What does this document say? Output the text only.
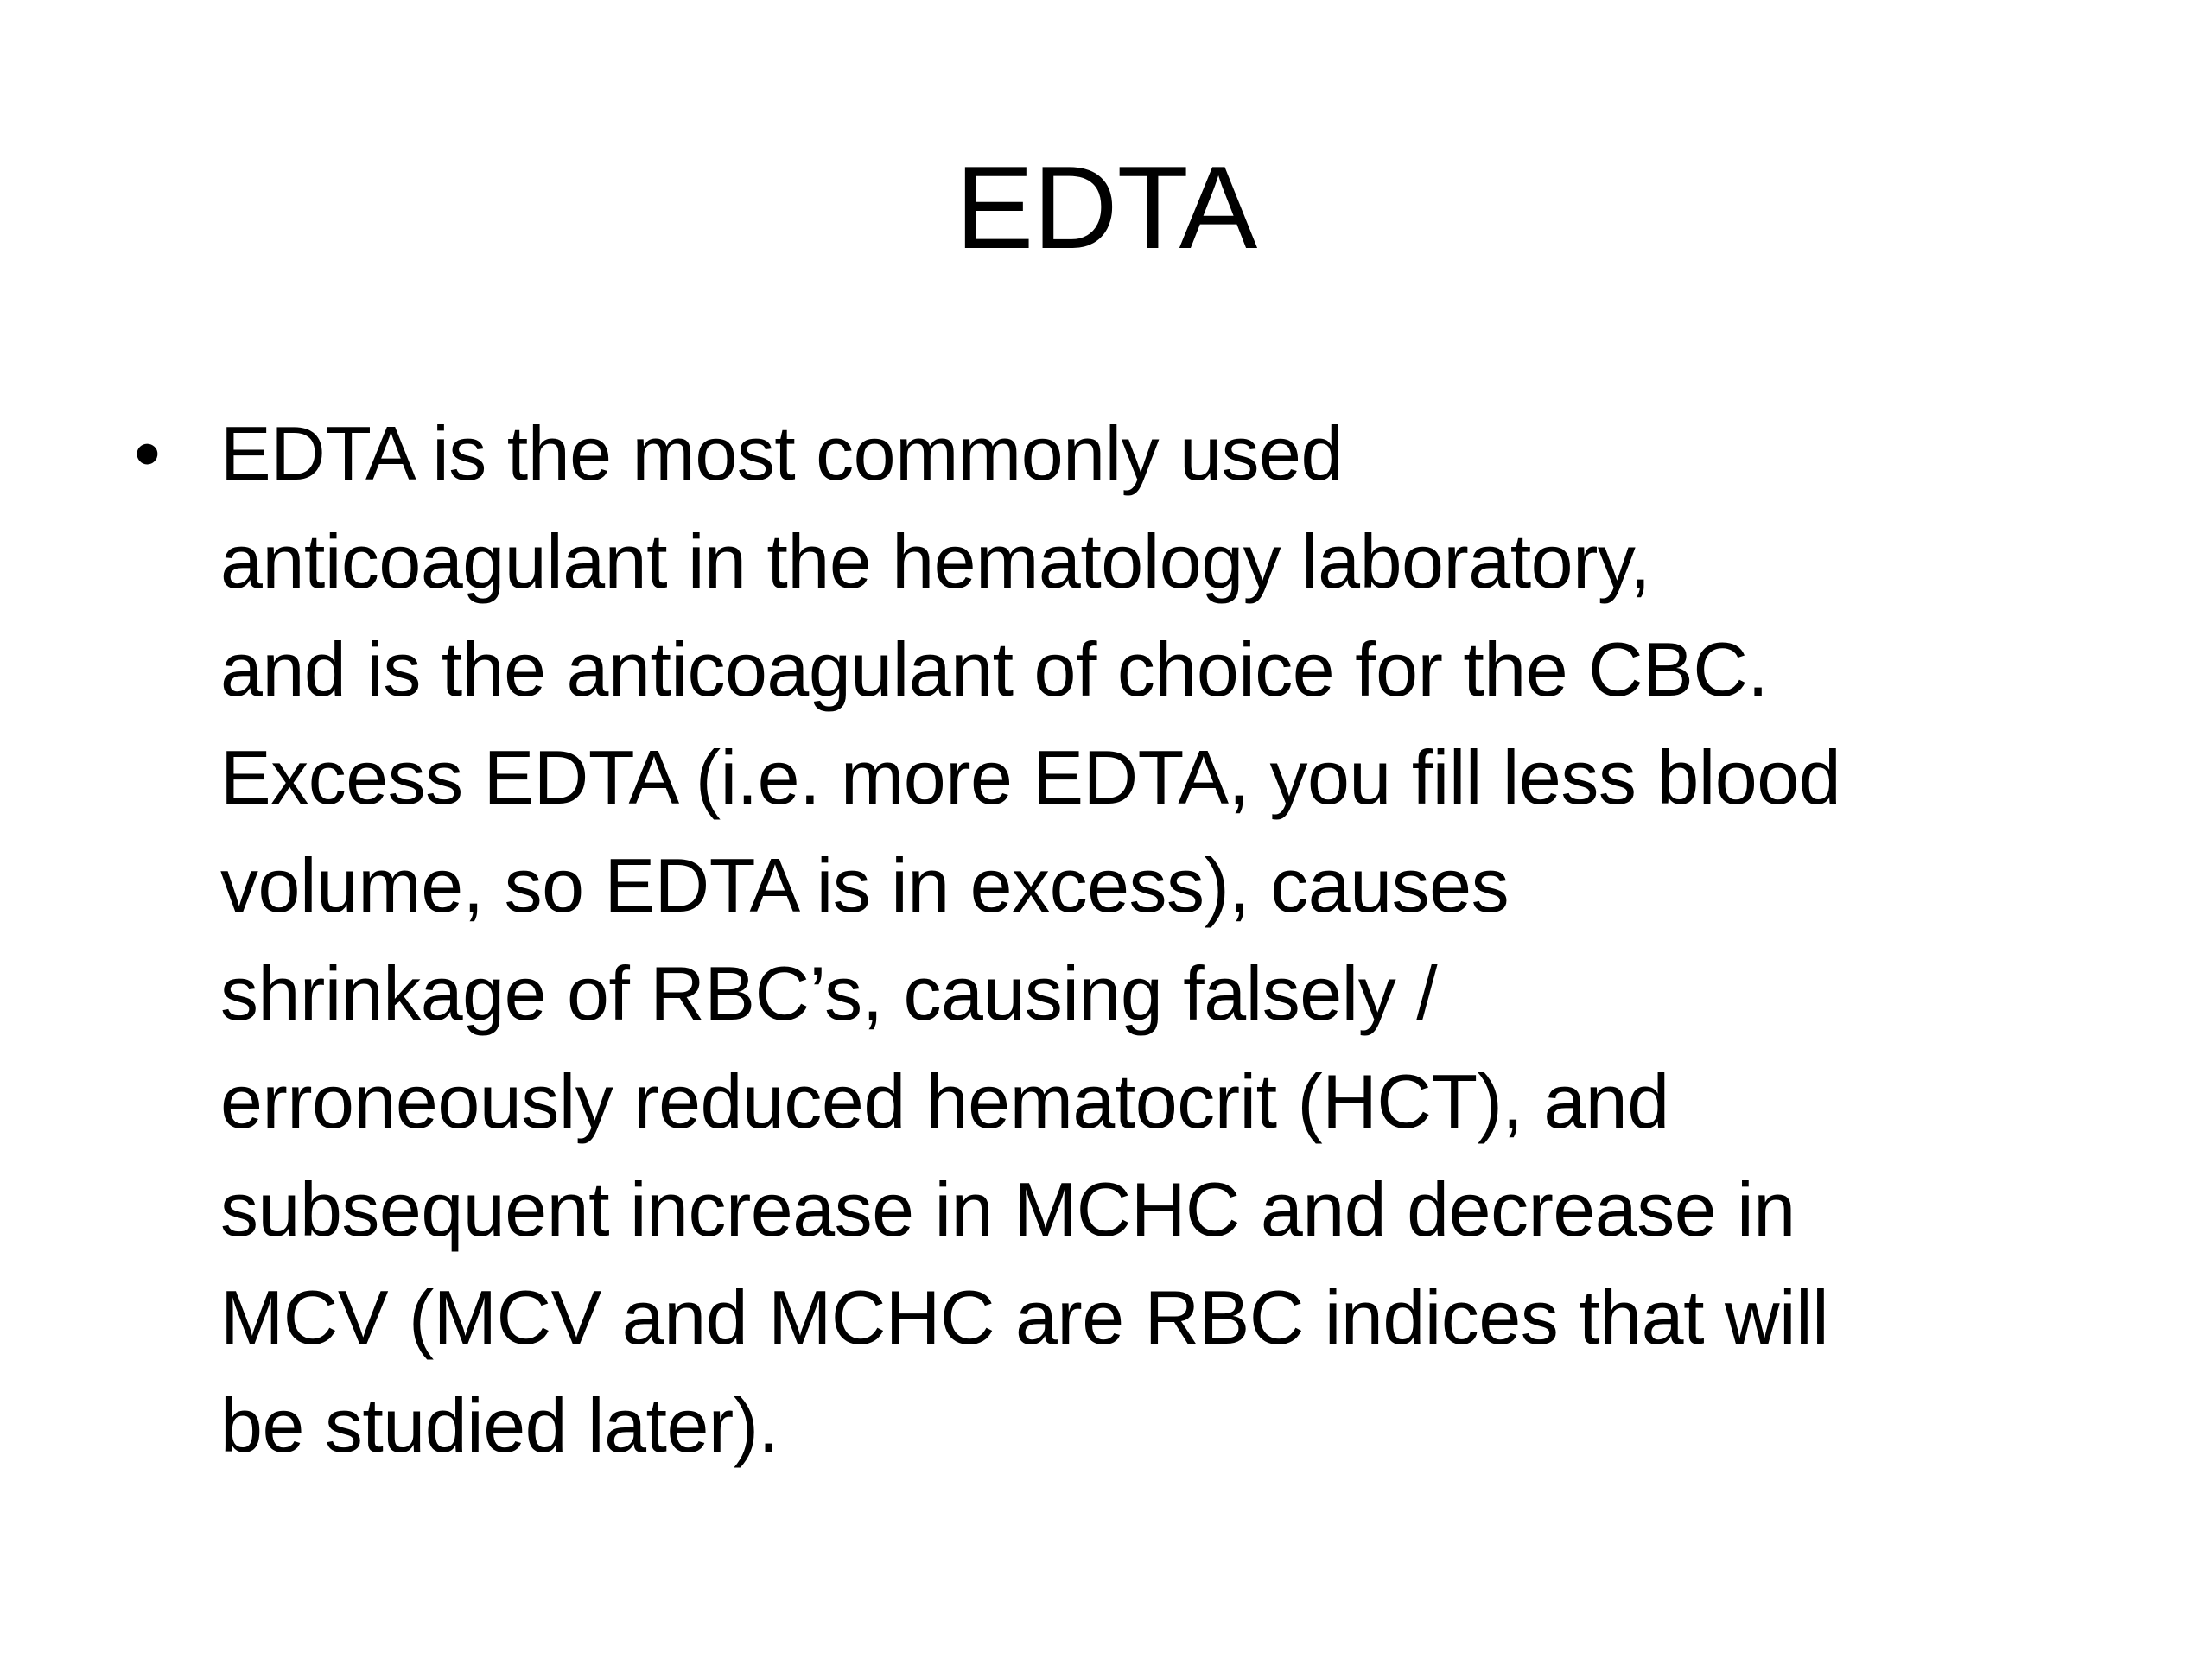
EDTA
• EDTA is the most commonly used
anticoagulant in the hematology laboratory,
and is the anticoagulant of choice for the CBC.
Excess EDTA (i.e. more EDTA, you fill less blood
volume, so EDTA is in excess), causes
shrinkage of RBC’s, causing falsely /
erroneously reduced hematocrit (HCT), and
subsequent increase in MCHC and decrease in
MCV (MCV and MCHC are RBC indices that will
be studied later).
